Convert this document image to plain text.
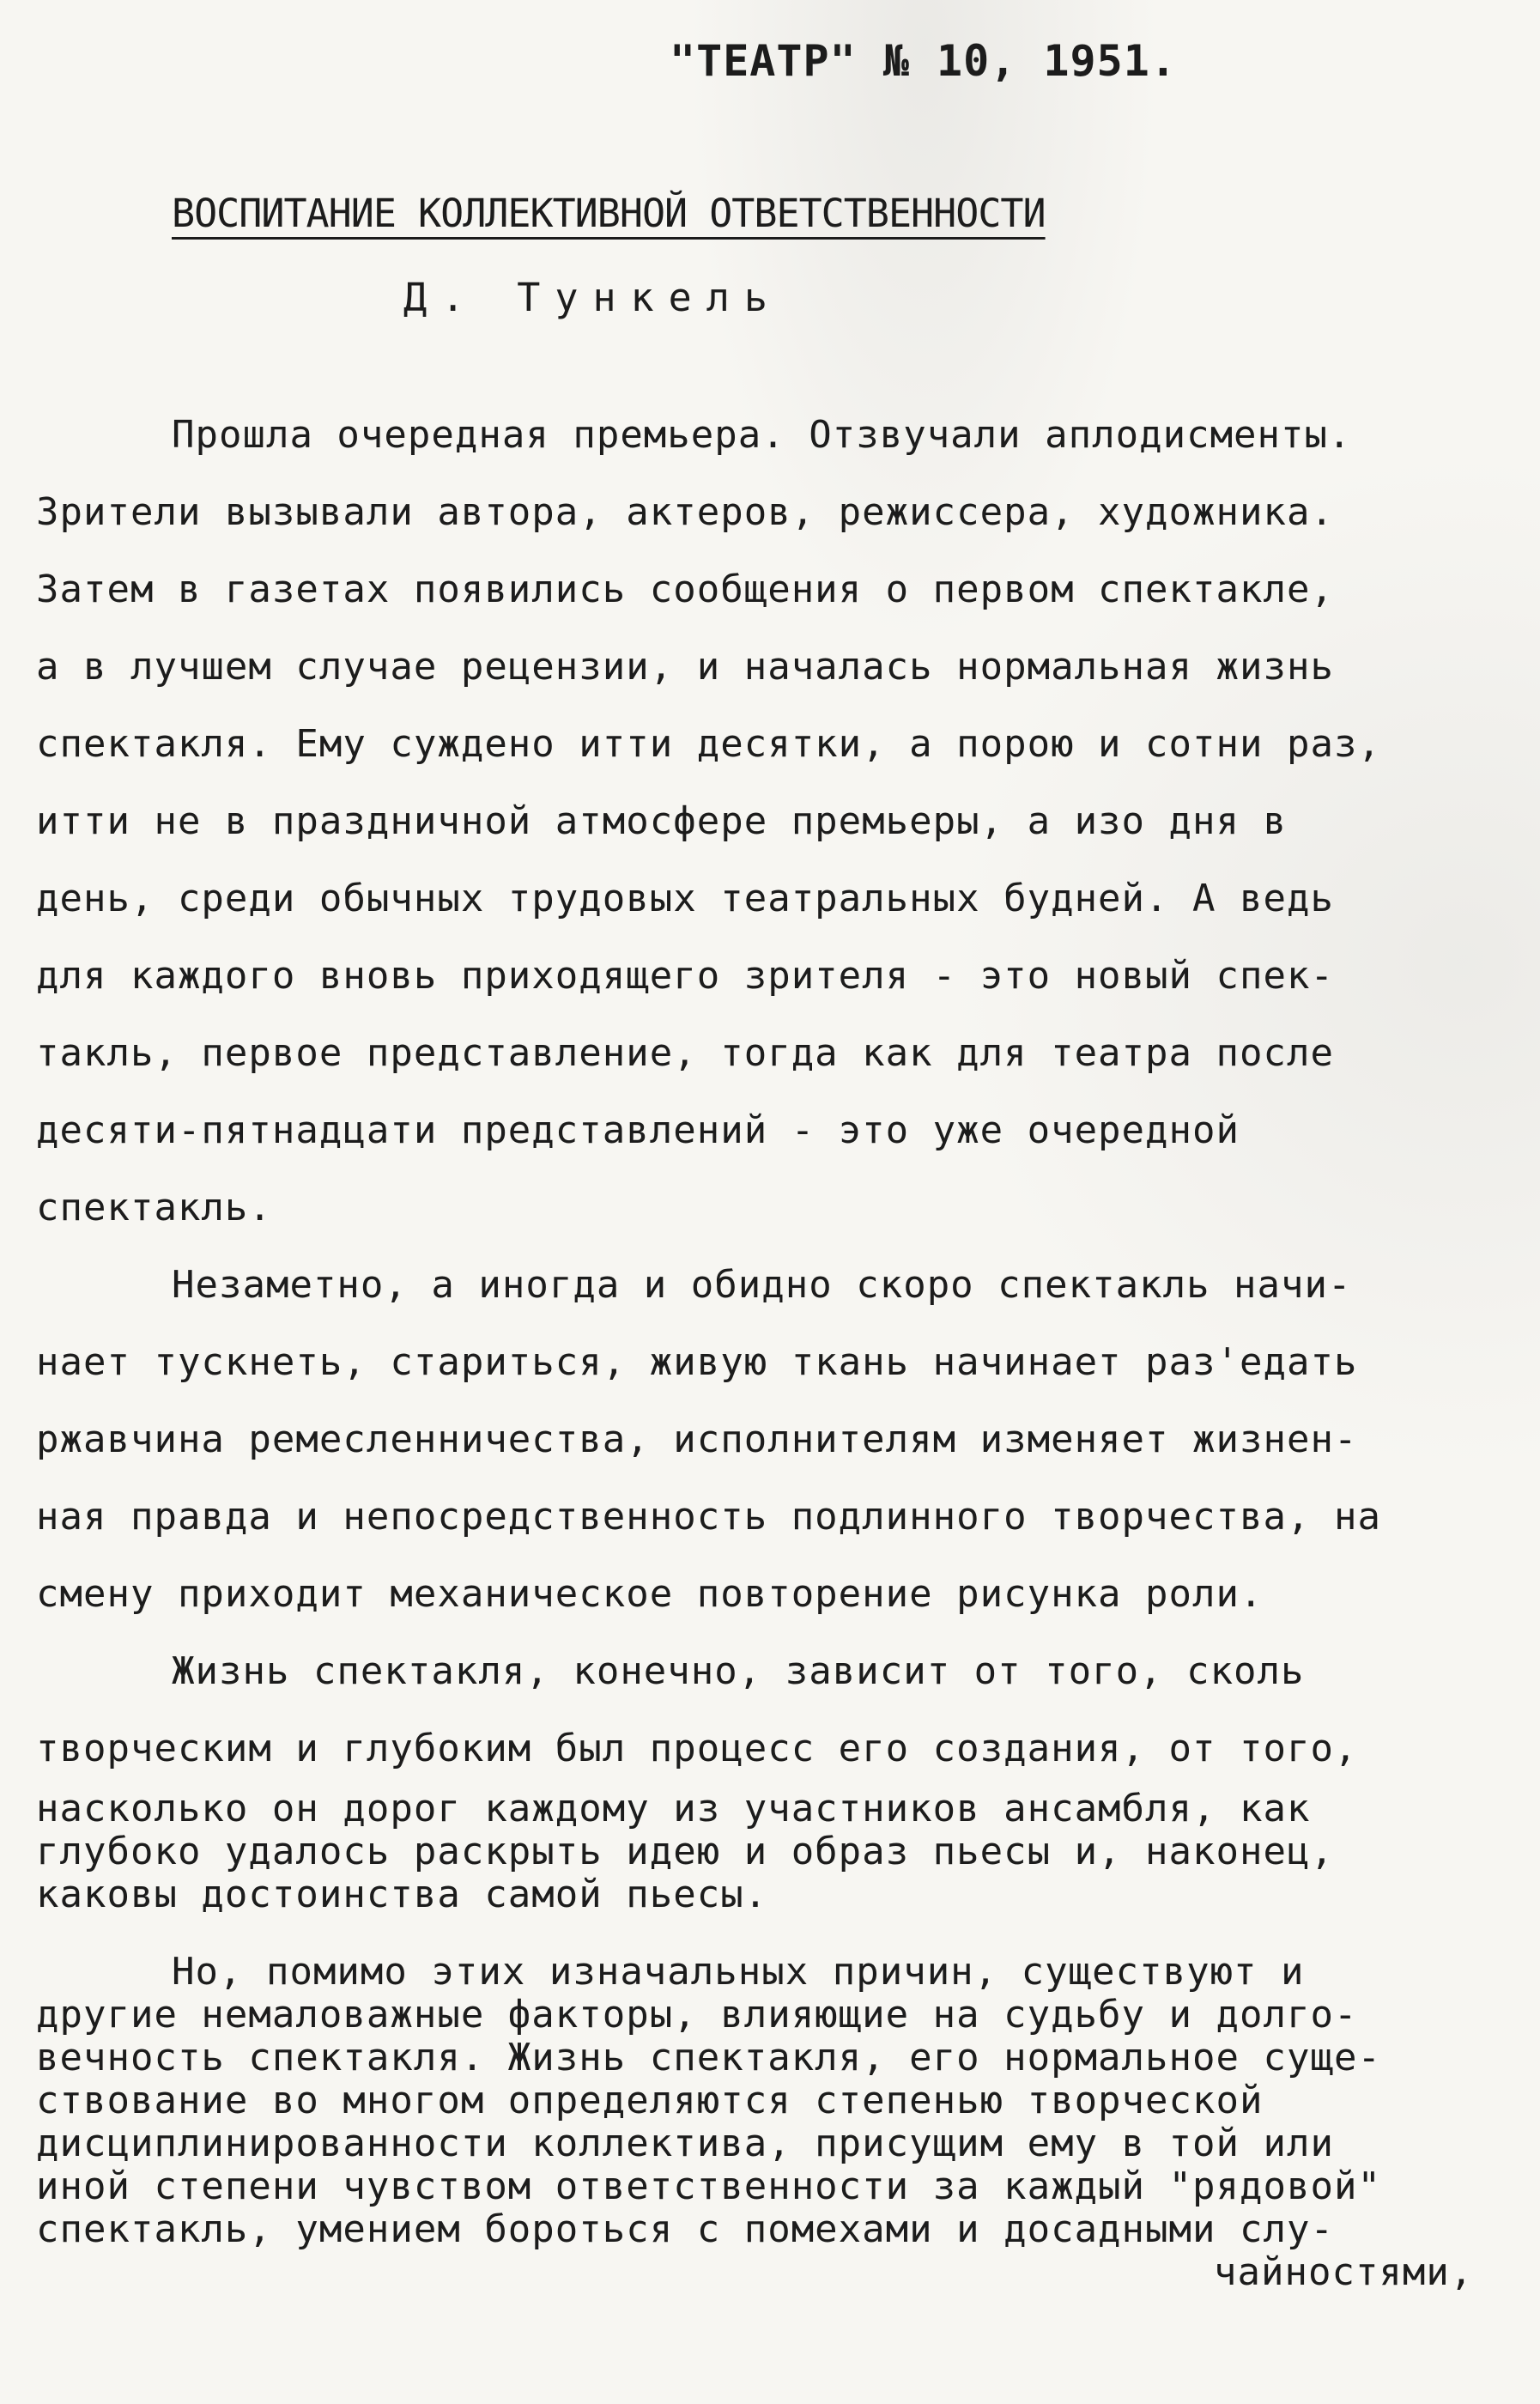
"ТЕАТР" № 10, 1951.
ВОСПИТАНИЕ КОЛЛЕКТИВНОЙ ОТВЕТСТВЕННОСТИ
Д. Тункель
Прошла очередная премьера. Отзвучали аплодисменты.
Зрители вызывали автора, актеров, режиссера, художника.
Затем в газетах появились сообщения о первом спектакле,
а в лучшем случае рецензии, и началась нормальная жизнь
спектакля. Ему суждено итти десятки, а порою и сотни раз,
итти не в праздничной атмосфере премьеры, а изо дня в
день, среди обычных трудовых театральных будней. А ведь
для каждого вновь приходящего зрителя - это новый спек-
такль, первое представление, тогда как для театра после
десяти-пятнадцати представлений - это уже очередной
спектакль.
Незаметно, а иногда и обидно скоро спектакль начи-
нает тускнеть, стариться, живую ткань начинает раз'едать
ржавчина ремесленничества, исполнителям изменяет жизнен-
ная правда и непосредственность подлинного творчества, на
смену приходит механическое повторение рисунка роли.
Жизнь спектакля, конечно, зависит от того, сколь
творческим и глубоким был процесс его создания, от того,
насколько он дорог каждому из участников ансамбля, как
глубоко удалось раскрыть идею и образ пьесы и, наконец,
каковы достоинства самой пьесы.
Но, помимо этих изначальных причин, существуют и
другие немаловажные факторы, влияющие на судьбу и долго-
вечность спектакля. Жизнь спектакля, его нормальное суще-
ствование во многом определяются степенью творческой
дисциплинированности коллектива, присущим ему в той или
иной степени чувством ответственности за каждый "рядовой"
спектакль, умением бороться с помехами и досадными слу-
чайностями,
